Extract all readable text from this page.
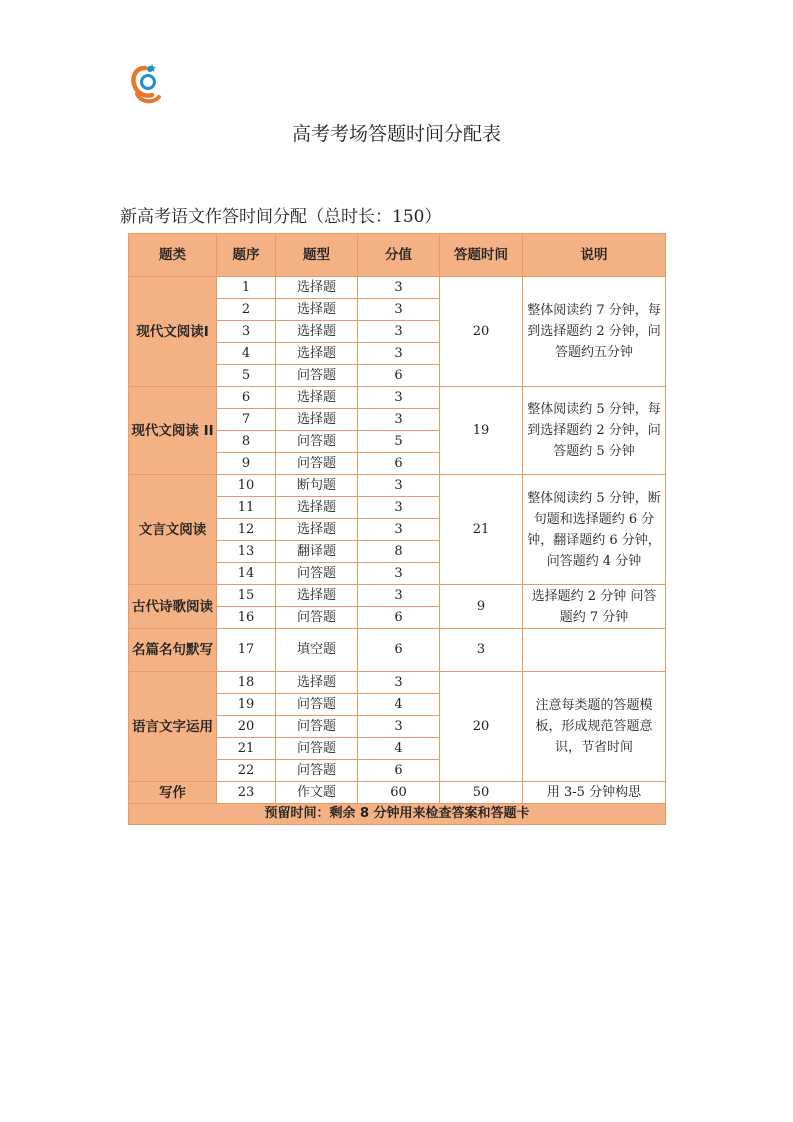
高考考场答题时间分配表
新高考语文作答时间分配（总时长：150）
题类	题序	题型	分值	答题时间	说明
现代文阅读Ⅰ	1	选择题	3	20	整体阅读约 7 分钟，每到选择题约 2 分钟，问答题约五分钟
	2	选择题	3		
	3	选择题	3		
	4	选择题	3		
	5	问答题	6		
现代文阅读 II	6	选择题	3	19	整体阅读约 5 分钟，每到选择题约 2 分钟，问答题约 5 分钟
	7	选择题	3		
	8	问答题	5		
	9	问答题	6		
文言文阅读	10	断句题	3	21	整体阅读约 5 分钟，断句题和选择题约 6 分钟，翻译题约 6 分钟，问答题约 4 分钟
	11	选择题	3		
	12	选择题	3		
	13	翻译题	8		
	14	问答题	3		
古代诗歌阅读	15	选择题	3	9	选择题约 2 分钟 问答题约 7 分钟
	16	问答题	6		
名篇名句默写	17	填空题	6	3	
语言文字运用	18	选择题	3	20	注意每类题的答题模板，形成规范答题意识，节省时间
	19	问答题	4		
	20	问答题	3		
	21	问答题	4		
	22	问答题	6		
写作	23	作文题	60	50	用 3-5 分钟构思
预留时间：剩余 8 分钟用来检查答案和答题卡					
